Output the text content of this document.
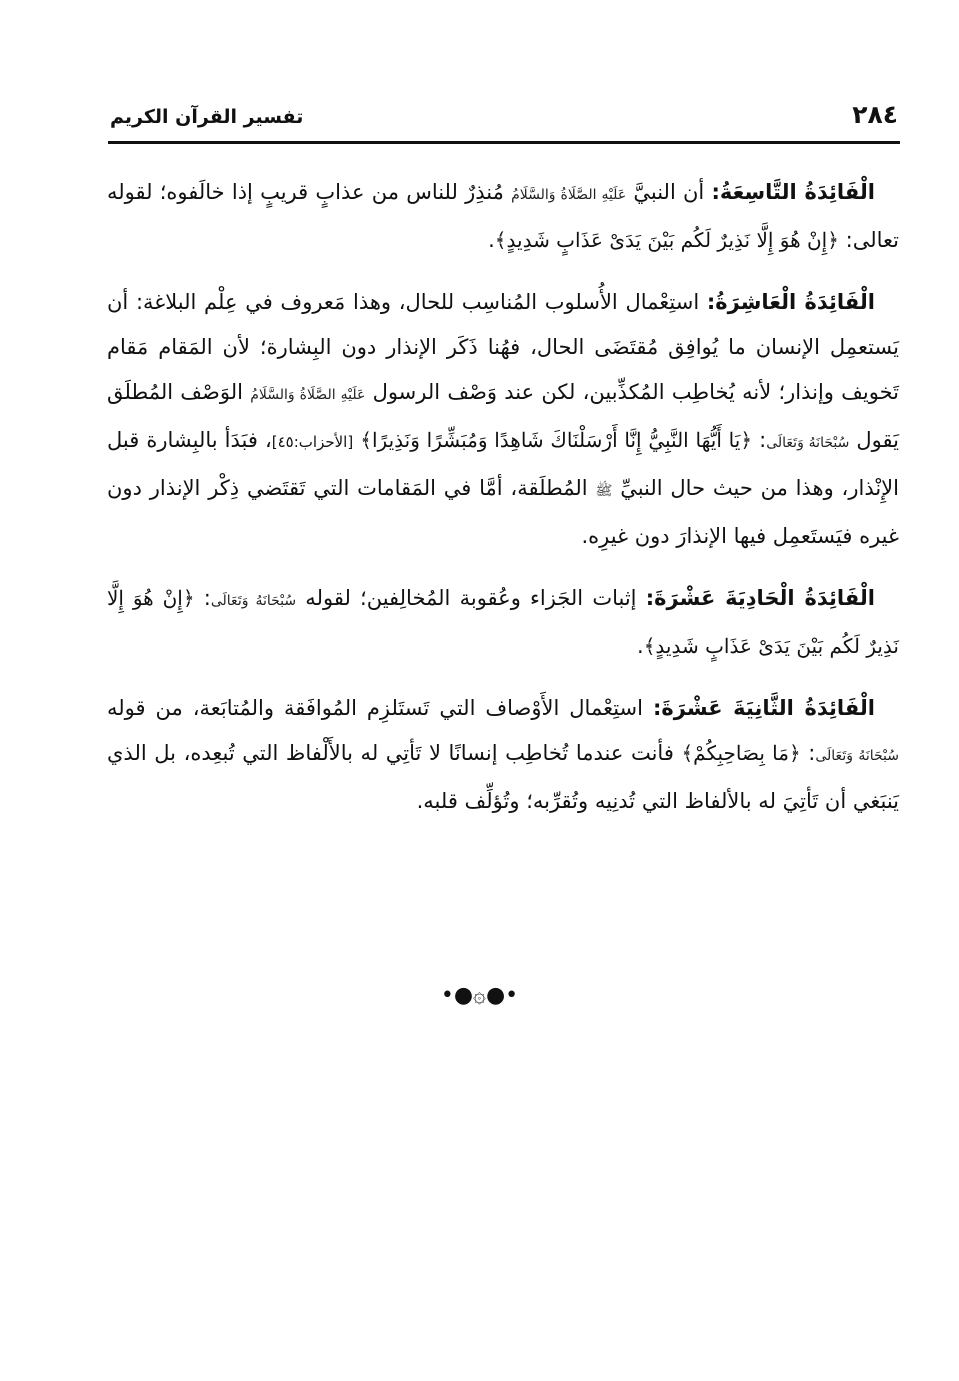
٢٨٤
تفسير القرآن الكريم

الْفَائِدَةُ التَّاسِعَةُ: أن النبيَّ عَلَيْهِ الصَّلَاةُ وَالسَّلَامُ مُنذِرٌ للناس من عذابٍ قريبٍ إذا خالَفوه؛ لقوله تعالى: ﴿إِنْ هُوَ إِلَّا نَذِيرٌ لَكُم بَيْنَ يَدَىْ عَذَابٍ شَدِيدٍ﴾.

الْفَائِدَةُ الْعَاشِرَةُ: استِعْمال الأُسلوب المُناسِب للحال، وهذا مَعروف في عِلْم البلاغة: أن يَستعمِل الإنسان ما يُوافِق مُقتَضَى الحال، فهُنا ذَكَر الإنذار دون البِشارة؛ لأن المَقام مَقام تَخويف وإنذار؛ لأنه يُخاطِب المُكذِّبين، لكن عند وَصْف الرسول عَلَيْهِ الصَّلَاةُ وَالسَّلَامُ الوَصْف المُطلَق يَقول سُبْحَانَهُ وَتَعَالَى: ﴿يَا أَيُّهَا النَّبِيُّ إِنَّا أَرْسَلْنَاكَ شَاهِدًا وَمُبَشِّرًا وَنَذِيرًا﴾ [الأحزاب:٤٥]، فبَدَأ بالبِشارة قبل الإِنْذار، وهذا من حيث حال النبيِّ ﷺ المُطلَقة، أمَّا في المَقامات التي تَقتَضي ذِكْر الإنذار دون غيره فيَستَعمِل فيها الإنذارَ دون غيرِه.

الْفَائِدَةُ الْحَادِيَةَ عَشْرَةَ: إثبات الجَزاء وعُقوبة المُخالِفين؛ لقوله سُبْحَانَهُ وَتَعَالَى: ﴿إِنْ هُوَ إِلَّا نَذِيرٌ لَكُم بَيْنَ يَدَىْ عَذَابٍ شَدِيدٍ﴾.

الْفَائِدَةُ الثَّانِيَةَ عَشْرَةَ: استِعْمال الأَوْصاف التي تَستَلزِم المُوافَقة والمُتابَعة، من قوله سُبْحَانَهُ وَتَعَالَى: ﴿مَا بِصَاحِبِكُمْ﴾ فأنت عندما تُخاطِب إنسانًا لا تَأتِي له بالأَلْفاظ التي تُبعِده، بل الذي يَنبَغي أن تَأتِيَ له بالألفاظ التي تُدنِيه وتُقرِّبه؛ وتُؤلِّف قلبه.

•●۞●•
